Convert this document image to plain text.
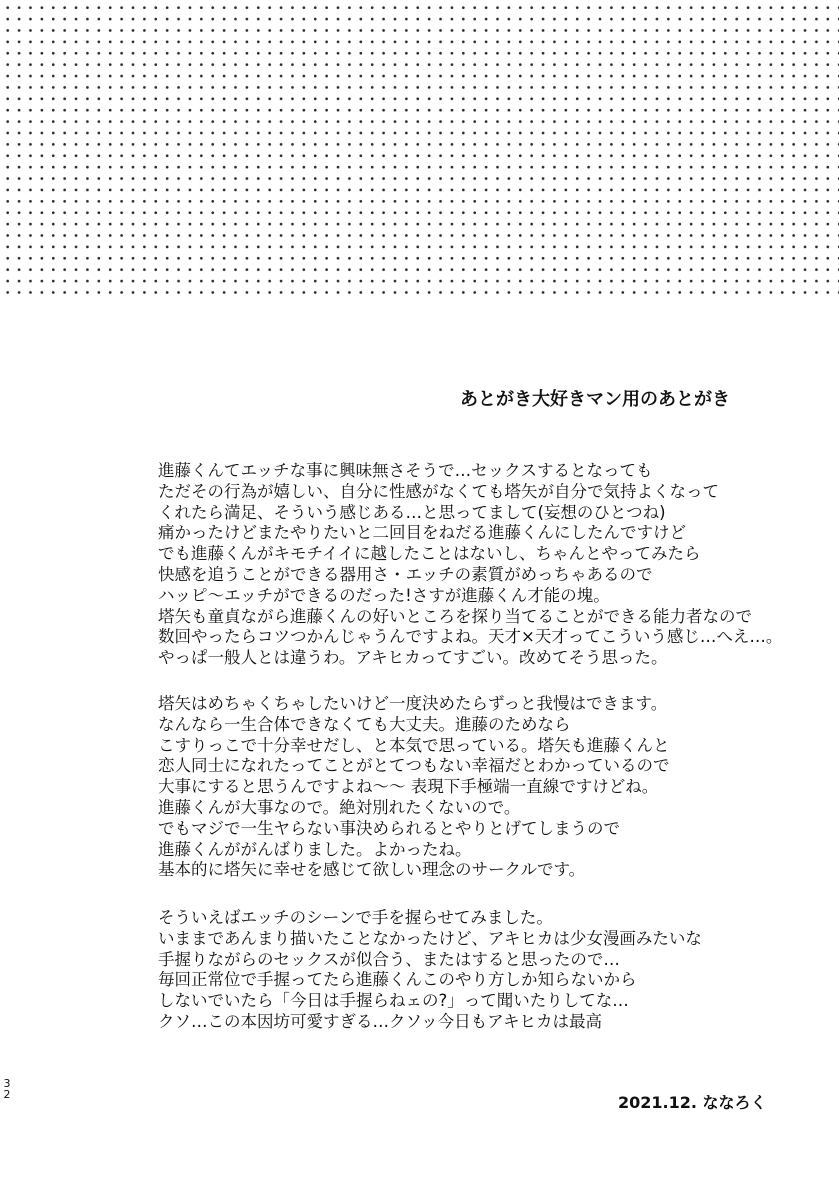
あとがき大好きマン用のあとがき
進藤くんてエッチな事に興味無さそうで…セックスするとなっても
ただその行為が嬉しい、自分に性感がなくても塔矢が自分で気持よくなって
くれたら満足、そういう感じある…と思ってまして(妄想のひとつね)
痛かったけどまたやりたいと二回目をねだる進藤くんにしたんですけど
でも進藤くんがキモチイイに越したことはないし、ちゃんとやってみたら
快感を追うことができる器用さ・エッチの素質がめっちゃあるので
ハッピ〜エッチができるのだった!さすが進藤くん才能の塊。
塔矢も童貞ながら進藤くんの好いところを探り当てることができる能力者なので
数回やったらコツつかんじゃうんですよね。天才×天才ってこういう感じ…へえ…。
やっぱ一般人とは違うわ。アキヒカってすごい。改めてそう思った。
塔矢はめちゃくちゃしたいけど一度決めたらずっと我慢はできます。
なんなら一生合体できなくても大丈夫。進藤のためなら
こすりっこで十分幸せだし、と本気で思っている。塔矢も進藤くんと
恋人同士になれたってことがとてつもない幸福だとわかっているので
大事にすると思うんですよね〜〜 表現下手極端一直線ですけどね。
進藤くんが大事なので。絶対別れたくないので。
でもマジで一生ヤらない事決められるとやりとげてしまうので
進藤くんががんばりました。よかったね。
基本的に塔矢に幸せを感じて欲しい理念のサークルです。
そういえばエッチのシーンで手を握らせてみました。
いままであんまり描いたことなかったけど、アキヒカは少女漫画みたいな
手握りながらのセックスが似合う、またはすると思ったので…
毎回正常位で手握ってたら進藤くんこのやり方しか知らないから
しないでいたら「今日は手握らねェの?」って聞いたりしてな…
クソ…この本因坊可愛すぎる…クソッ今日もアキヒカは最高
3
2	2021.12. ななろく
